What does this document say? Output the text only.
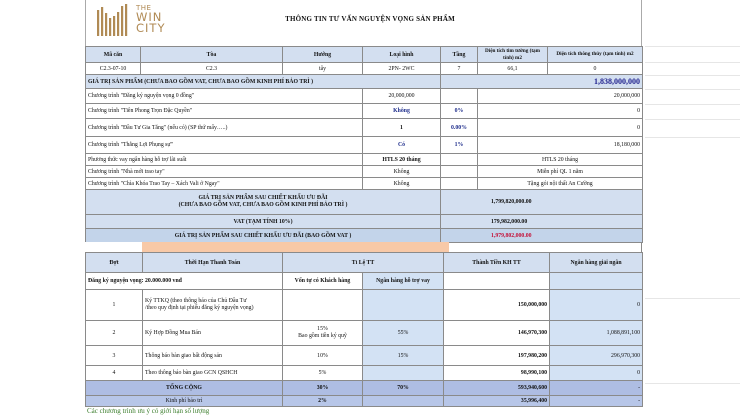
THE
WIN
CITY
THÔNG TIN TƯ VẤN NGUYỆN VỌNG SẢN PHẨM
Mã căn	Tòa	Hướng	Loại hình	Tầng	Diện tích tim tường (tạm tính) m2	Diện tích thông thủy (tạm tính) m2
C2.3-07-10	C2.3	tây	2PN- 2WC	7	66,1	0
GIÁ TRỊ SẢN PHẨM (CHƯA BAO GỒM VAT, CHƯA BAO GỒM KINH PHÍ BẢO TRÌ )				1,838,000,000		
Chương trình "Đăng ký nguyện vọng 0 đồng"			20,000,000		20,000,000	
Chương trình "Tiên Phong Trọn Đặc Quyền"			Không	0%	0	
Chương trình "Đầu Tư Gia Tăng" (nếu có) (SP thứ mấy…..)			1	0.00%	0	
Chương trình "Thắng Lợi Phụng sự"			Có	1%	18,180,000	
Phương thức vay ngân hàng hỗ trợ lãi suất			HTLS 20 tháng		HTLS 20 tháng	
Chương trình "Nhà mới trao tay"			Không		Miễn phí QL 1 năm	
Chương trình "Chìa Khóa Trao Tay – Xách Vali ở Ngay"			Không		Tặng gói nội thất An Cường	

GIÁ TRỊ SẢN PHẨM SAU CHIẾT KHẤU ƯU ĐÃI
(CHƯA BAO GỒM VAT, CHƯA BAO GỒM KINH PHÍ BẢO TRÌ )				1,799,820,000.00		
VAT (TẠM TÍNH 10%)				179,982,000.00		
GIÁ TRỊ SẢN PHẨM SAU CHIẾT KHẤU ƯU ĐÃI (BAO GỒM VAT )				1,979,802,000.00		
Đợt	Thời Hạn Thanh Toán	Tỉ Lệ TT		Thành Tiền KH TT	Ngân hàng giải ngân
Đăng ký nguyện vọng: 20.000.000 vnđ		Vốn tự có Khách hàng	Ngân hàng hỗ trợ vay		
1	Ký TTKQ (theo thông báo của Chủ Đầu Tư
/theo quy định tại phiếu đăng ký nguyện vọng)			150,000,000	0
2	Ký Hợp Đồng Mua Bán	15%
Bao gồm tiền ký quỹ	55%	146,970,300	1,088,891,100
3	Thông báo bàn giao bất động sản	10%	15%	197,980,200	296,970,300
4	Theo thông báo bàn giao GCN QSHCH	5%		98,990,100	0
TỔNG CỘNG		30%	70%	593,940,600	-
Kinh phí bảo trì		2%		35,996,400	-
Các chương trình ưu ý có giới hạn số lượng
